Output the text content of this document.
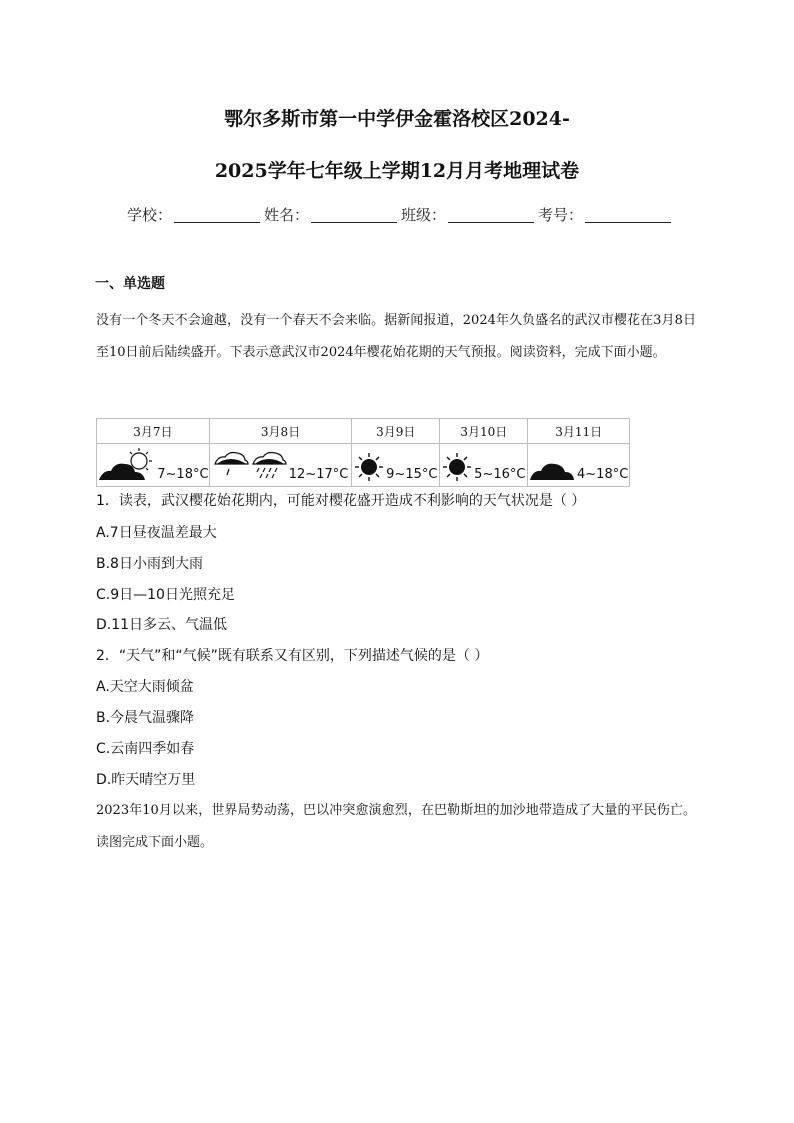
鄂尔多斯市第一中学伊金霍洛校区2024-
2025学年七年级上学期12月月考地理试卷
学校：	姓名：	班级：	考号：
一、单选题
没有一个冬天不会逾越，没有一个春天不会来临。据新闻报道，2024年久负盛名的武汉市樱花在3月8日至10日前后陆续盛开。下表示意武汉市2024年樱花始花期的天气预报。阅读资料，完成下面小题。
3月7日	3月8日	3月9日	3月10日	3月11日

7~18°C	12~17°C	9~15°C	5~16°C	4~18°C
1．读表，武汉樱花始花期内，可能对樱花盛开造成不利影响的天气状况是（ ）
A.7日昼夜温差最大
B.8日小雨到大雨
C.9日—10日光照充足
D.11日多云、气温低
2．“天气”和“气候”既有联系又有区别，下列描述气候的是（ ）
A.天空大雨倾盆
B.今晨气温骤降
C.云南四季如春
D.昨天晴空万里
2023年10月以来，世界局势动荡，巴以冲突愈演愈烈，在巴勒斯坦的加沙地带造成了大量的平民伤亡。读图完成下面小题。
